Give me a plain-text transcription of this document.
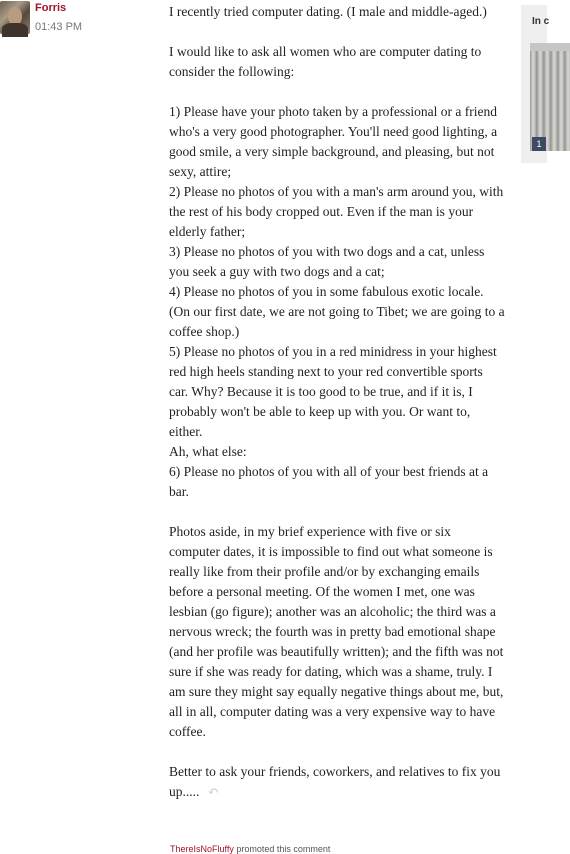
Forris
01:43 PM

I recently tried computer dating. (I male and middle-aged.)

I would like to ask all women who are computer dating to consider the following:

1) Please have your photo taken by a professional or a friend who's a very good photographer. You'll need good lighting, a good smile, a very simple background, and pleasing, but not sexy, attire;
2) Please no photos of you with a man's arm around you, with the rest of his body cropped out. Even if the man is your elderly father;
3) Please no photos of you with two dogs and a cat, unless you seek a guy with two dogs and a cat;
4) Please no photos of you in some fabulous exotic locale. (On our first date, we are not going to Tibet; we are going to a coffee shop.)
5) Please no photos of you in a red minidress in your highest red high heels standing next to your red convertible sports car. Why? Because it is too good to be true, and if it is, I probably won't be able to keep up with you. Or want to, either.
Ah, what else:
6) Please no photos of you with all of your best friends at a bar.

Photos aside, in my brief experience with five or six computer dates, it is impossible to find out what someone is really like from their profile and/or by exchanging emails before a personal meeting. Of the women I met, one was lesbian (go figure); another was an alcoholic; the third was a nervous wreck; the fourth was in pretty bad emotional shape (and her profile was beautifully written); and the fifth was not sure if she was ready for dating, which was a shame, truly. I am sure they might say equally negative things about me, but, all in all, computer dating was a very expensive way to have coffee.

Better to ask your friends, coworkers, and relatives to fix you up..... ↶

ThereIsNoFluffy promoted this comment
In c
1
